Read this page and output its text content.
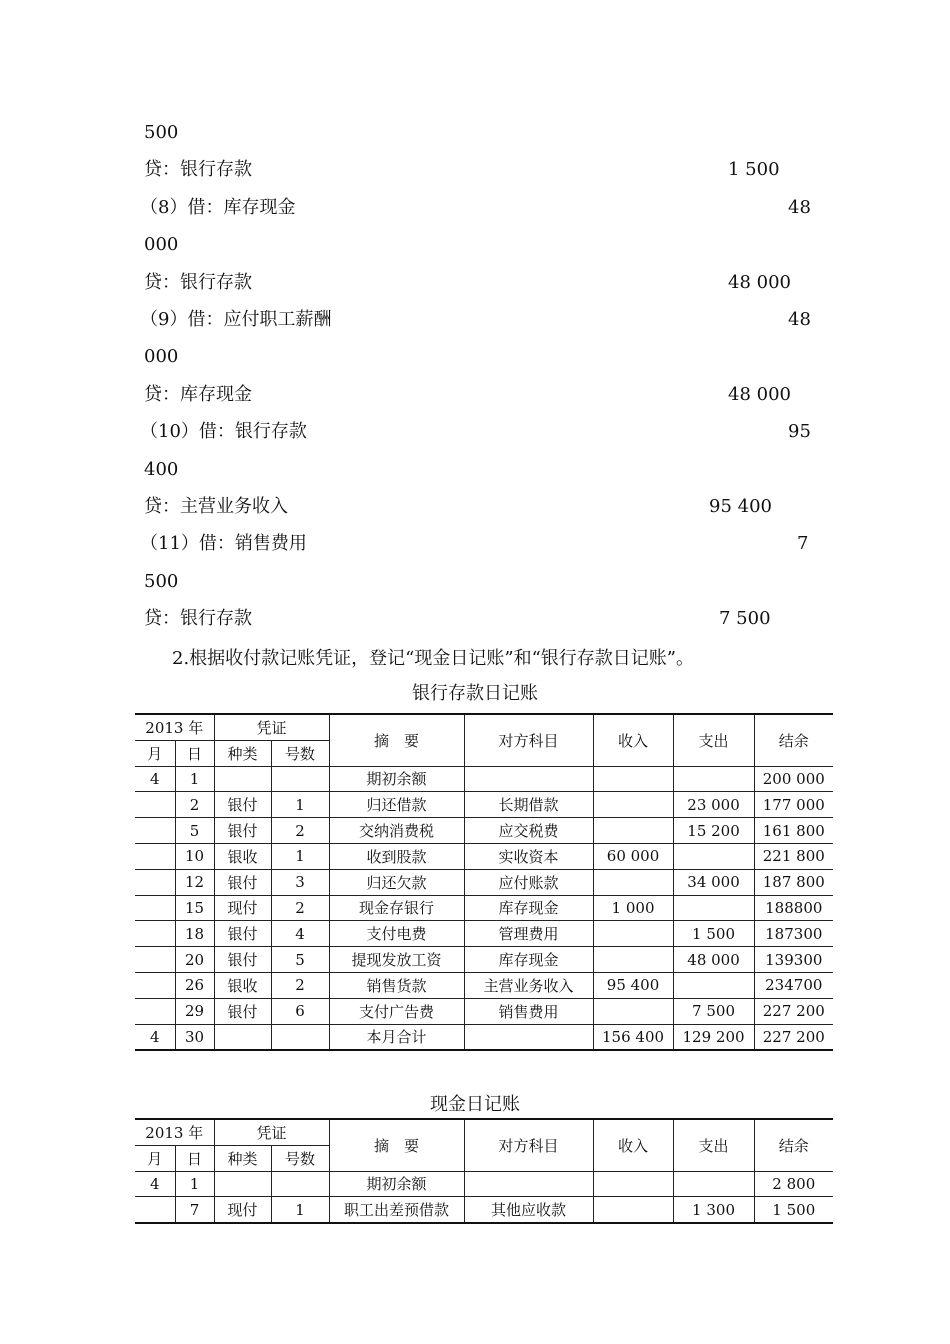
500
贷：银行存款	1 500
（8）借：库存现金	48
000
贷：银行存款	48 000
（9）借：应付职工薪酬	48
000
贷：库存现金	48 000
（10）借：银行存款	95
400
贷：主营业务收入	95 400
（11）借：销售费用	7
500
贷：银行存款	7 500
2.根据收付款记账凭证，登记“现金日记账”和“银行存款日记账”。
银行存款日记账
2013 年		凭证		摘　要	对方科目	收入	支出	结余
月	日	种类	号数					
4	1			期初余额				200 000
	2	银付	1	归还借款	长期借款		23 000	177 000
	5	银付	2	交纳消费税	应交税费		15 200	161 800
	10	银收	1	收到股款	实收资本	60 000		221 800
	12	银付	3	归还欠款	应付账款		34 000	187 800
	15	现付	2	现金存银行	库存现金	1 000		188800
	18	银付	4	支付电费	管理费用		1 500	187300
	20	银付	5	提现发放工资	库存现金		48 000	139300
	26	银收	2	销售货款	主营业务收入	95 400		234700
	29	银付	6	支付广告费	销售费用		7 500	227 200
4	30			本月合计		156 400	129 200	227 200
现金日记账
2013 年		凭证		摘　要	对方科目	收入	支出	结余
月	日	种类	号数					
4	1			期初余额				2 800
	7	现付	1	职工出差预借款	其他应收款		1 300	1 500
